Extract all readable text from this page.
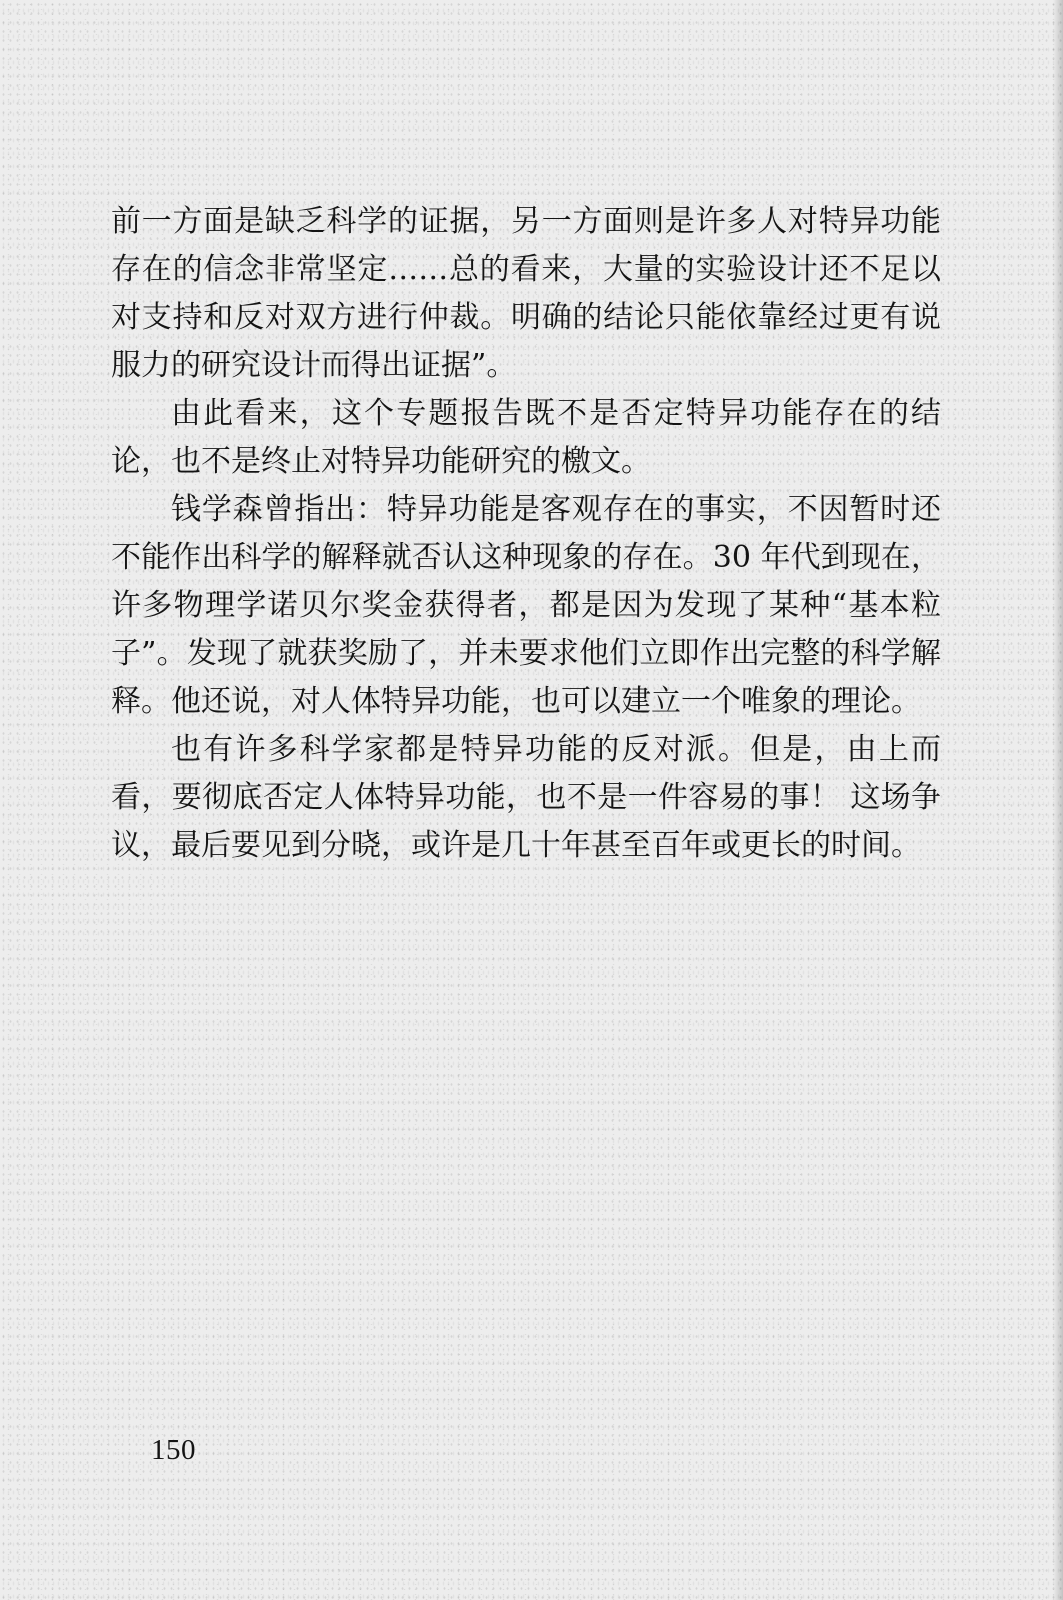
前一方面是缺乏科学的证据，另一方面则是许多人对特异功能存在的信念非常坚定……总的看来，大量的实验设计还不足以对支持和反对双方进行仲裁。明确的结论只能依靠经过更有说服力的研究设计而得出证据”。

由此看来，这个专题报告既不是否定特异功能存在的结论，也不是终止对特异功能研究的檄文。

钱学森曾指出：特异功能是客观存在的事实，不因暂时还不能作出科学的解释就否认这种现象的存在。30 年代到现在，许多物理学诺贝尔奖金获得者，都是因为发现了某种“基本粒子”。发现了就获奖励了，并未要求他们立即作出完整的科学解释。他还说，对人体特异功能，也可以建立一个唯象的理论。

也有许多科学家都是特异功能的反对派。但是，由上而看，要彻底否定人体特异功能，也不是一件容易的事！ 这场争议，最后要见到分晓，或许是几十年甚至百年或更长的时间。

150
